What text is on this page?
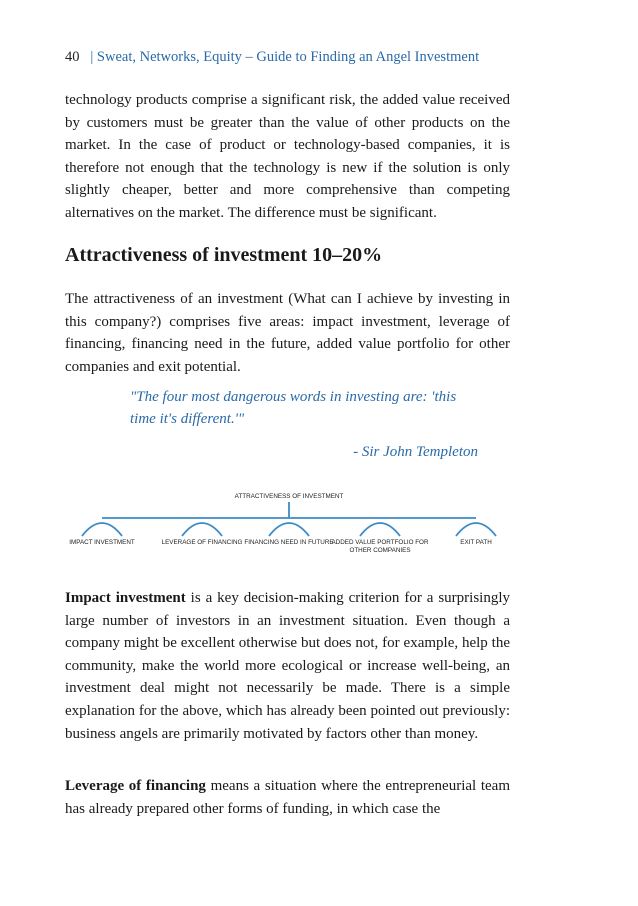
40 | Sweat, Networks, Equity – Guide to Finding an Angel Investment

technology products comprise a significant risk, the added value received by customers must be greater than the value of other products on the market. In the case of product or technology-based companies, it is therefore not enough that the technology is new if the solution is only slightly cheaper, better and more comprehensive than competing alternatives on the market. The difference must be significant.

Attractiveness of investment 10–20%

The attractiveness of an investment (What can I achieve by investing in this company?) comprises five areas: impact investment, leverage of financing, financing need in the future, added value portfolio for other companies and exit potential.

"The four most dangerous words in investing are: 'this time it's different.'"

- Sir John Templeton
ATTRACTIVENESS OF INVESTMENT
IMPACT INVESTMENT	LEVERAGE OF FINANCING FINANCING NEED IN FUTURE
ADDED VALUE PORTFOLIO FOR OTHER COMPANIES
EXIT PATH

Impact investment is a key decision-making criterion for a surprisingly large number of investors in an investment situation. Even though a company might be excellent otherwise but does not, for example, help the community, make the world more ecological or increase well-being, an investment deal might not necessarily be made. There is a simple explanation for the above, which has already been pointed out previously: business angels are primarily motivated by factors other than money.

Leverage of financing means a situation where the entrepreneurial team has already prepared other forms of funding, in which case the
